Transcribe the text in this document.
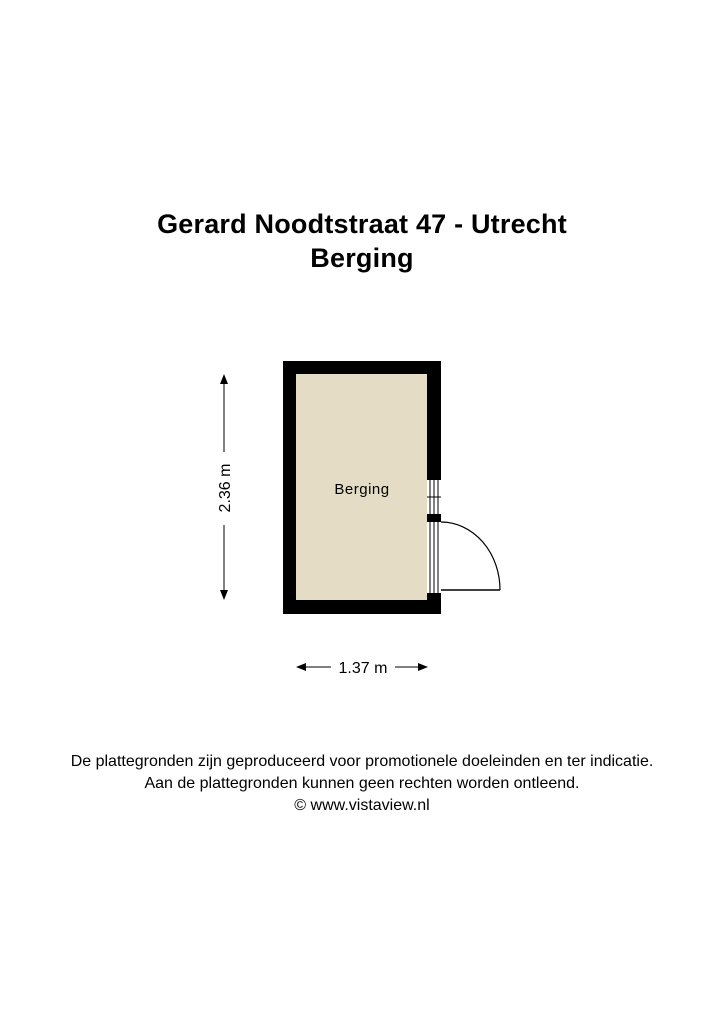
Gerard Noodtstraat 47 - Utrecht
Berging
Berging
2.36 m
1.37 m
De plattegronden zijn geproduceerd voor promotionele doeleinden en ter indicatie.
Aan de plattegronden kunnen geen rechten worden ontleend.
© www.vistaview.nl
